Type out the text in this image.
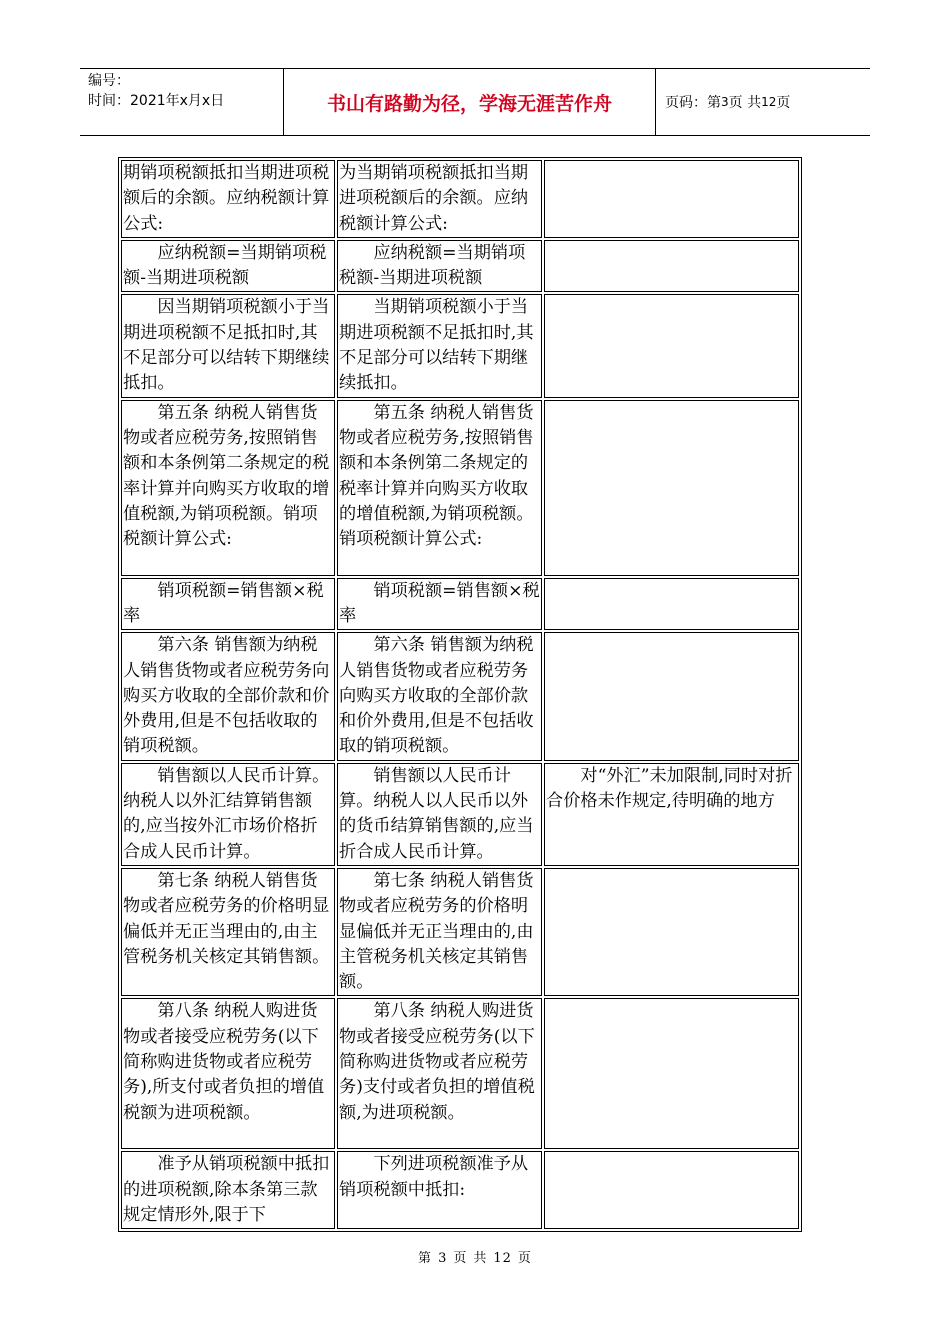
编号：
时间：2021年x月x日	书山有路勤为径，学海无涯苦作舟	页码：第 3 页 共 12 页
期销项税额抵扣当期进项税额后的余额。应纳税额计算公式:	为当期销项税额抵扣当期进项税额后的余额。应纳税额计算公式:	
应纳税额=当期销项税额-当期进项税额	应纳税额=当期销项税额-当期进项税额	
因当期销项税额小于当期进项税额不足抵扣时,其不足部分可以结转下期继续抵扣。	当期销项税额小于当期进项税额不足抵扣时,其不足部分可以结转下期继续抵扣。	
第五条 纳税人销售货物或者应税劳务,按照销售额和本条例第二条规定的税率计算并向购买方收取的增值税额,为销项税额。销项税额计算公式:	第五条 纳税人销售货物或者应税劳务,按照销售额和本条例第二条规定的税率计算并向购买方收取的增值税额,为销项税额。销项税额计算公式:	
销项税额=销售额×税率	销项税额=销售额×税率	
第六条 销售额为纳税人销售货物或者应税劳务向购买方收取的全部价款和价外费用,但是不包括收取的销项税额。	第六条 销售额为纳税人销售货物或者应税劳务向购买方收取的全部价款和价外费用,但是不包括收取的销项税额。	
销售额以人民币计算。纳税人以外汇结算销售额的,应当按外汇市场价格折合成人民币计算。	销售额以人民币计算。纳税人以人民币以外的货币结算销售额的,应当折合成人民币计算。	对“外汇”未加限制,同时对折合价格未作规定,待明确的地方
第七条 纳税人销售货物或者应税劳务的价格明显偏低并无正当理由的,由主管税务机关核定其销售额。	第七条 纳税人销售货物或者应税劳务的价格明显偏低并无正当理由的,由主管税务机关核定其销售额。	
第八条 纳税人购进货物或者接受应税劳务(以下简称购进货物或者应税劳务),所支付或者负担的增值税额为进项税额。	第八条 纳税人购进货物或者接受应税劳务(以下简称购进货物或者应税劳务)支付或者负担的增值税额,为进项税额。	
准予从销项税额中抵扣的进项税额,除本条第三款规定情形外,限于下	下列进项税额准予从销项税额中抵扣:	
第 3 页 共 12 页
